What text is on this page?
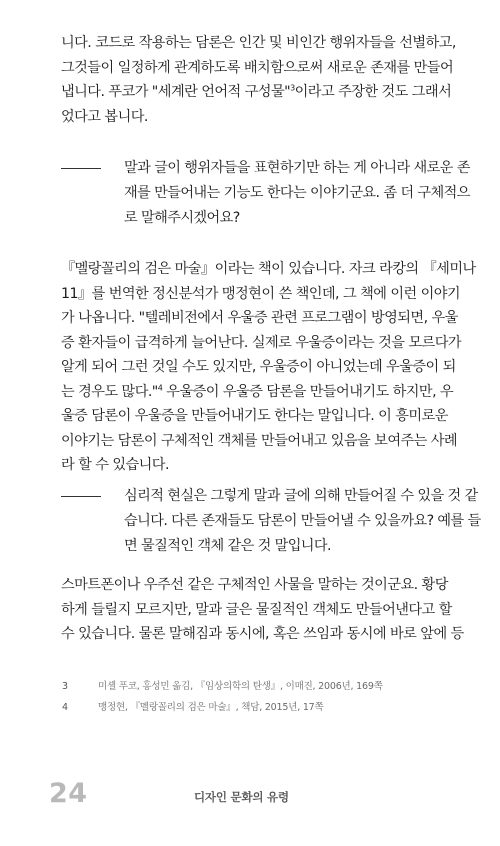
니다. 코드로 작용하는 담론은 인간 및 비인간 행위자들을 선별하고,
그것들이 일정하게 관계하도록 배치함으로써 새로운 존재를 만들어
냅니다. 푸코가 "세계란 언어적 구성물"$^3$이라고 주장한 것도 그래서
었다고 봅니다.
말과 글이 행위자들을 표현하기만 하는 게 아니라 새로운 존
재를 만들어내는 기능도 한다는 이야기군요. 좀 더 구체적으
로 말해주시겠어요?
『멜랑꼴리의 검은 마술』이라는 책이 있습니다. 자크 라캉의 『세미나
11』를 번역한 정신분석가 맹정현이 쓴 책인데, 그 책에 이런 이야기
가 나옵니다. "텔레비전에서 우울증 관련 프로그램이 방영되면, 우울
증 환자들이 급격하게 늘어난다. 실제로 우울증이라는 것을 모르다가
알게 되어 그런 것일 수도 있지만, 우울증이 아니었는데 우울증이 되
는 경우도 많다."$^4$ 우울증이 우울증 담론을 만들어내기도 하지만, 우
울증 담론이 우울증을 만들어내기도 한다는 말입니다. 이 흥미로운
이야기는 담론이 구체적인 객체를 만들어내고 있음을 보여주는 사례
라 할 수 있습니다.
심리적 현실은 그렇게 말과 글에 의해 만들어질 수 있을 것 같
습니다. 다른 존재들도 담론이 만들어낼 수 있을까요? 예를 들
면 물질적인 객체 같은 것 말입니다.
스마트폰이나 우주선 같은 구체적인 사물을 말하는 것이군요. 황당
하게 들릴지 모르지만, 말과 글은 물질적인 객체도 만들어낸다고 할
수 있습니다. 물론 말해짐과 동시에, 혹은 쓰임과 동시에 바로 앞에 등
3	미셸 푸코, 홍성민 옮김, 『임상의학의 탄생』, 이매진, 2006년, 169쪽
4	맹정현, 『멜랑꼴리의 검은 마술』, 책담, 2015년, 17쪽
24	디자인 문화의 유령
